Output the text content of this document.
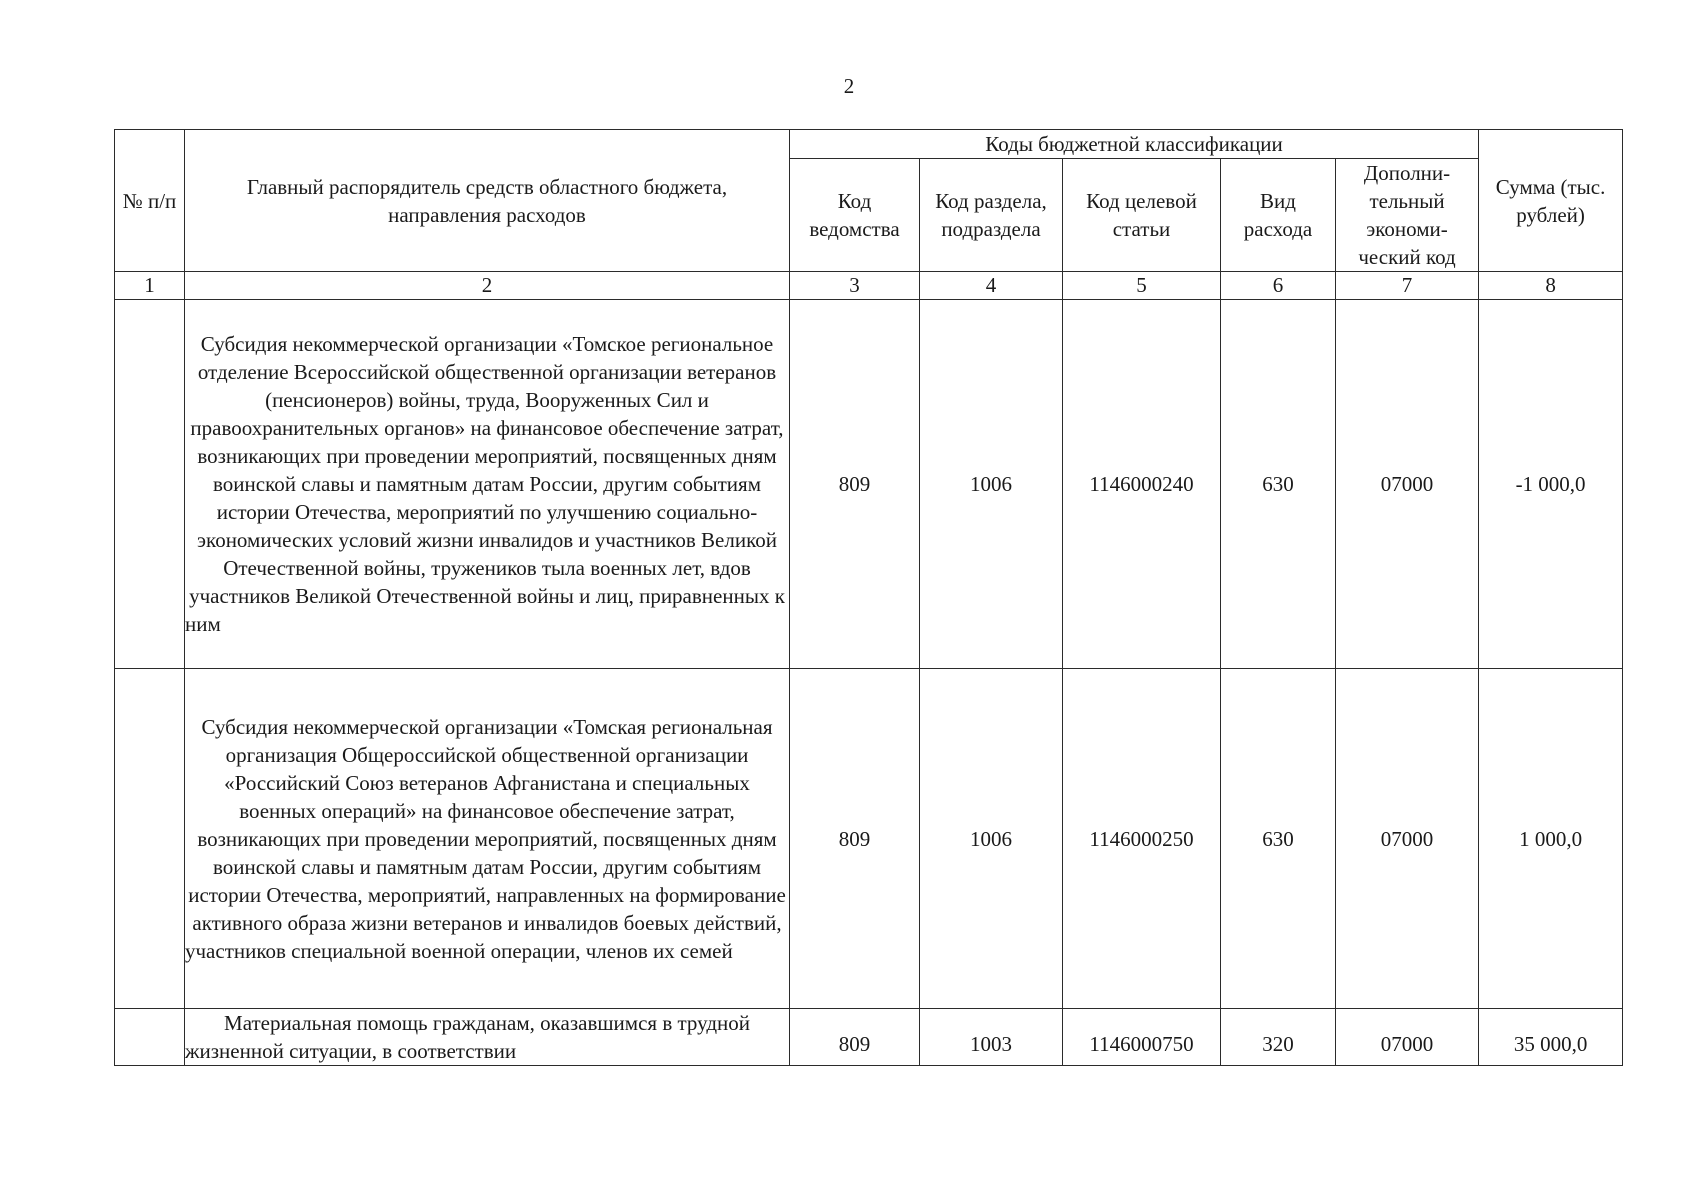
2
№ п/п	Главный распорядитель средств областного бюджета, направления расходов	Коды бюджетной классификации					Сумма (тыс. рублей)
		Код ведомства	Код раздела, подраздела	Код целевой статьи	Вид расхода	Дополни-тельный экономи-ческий код	
1	2	3	4	5	6	7	8
	Субсидия некоммерческой организации «Томское региональное отделение Всероссийской общественной организации ветеранов (пенсионеров) войны, труда, Вооруженных Сил и правоохранительных органов» на финансовое обеспечение затрат, возникающих при проведении мероприятий, посвященных дням воинской славы и памятным датам России, другим событиям истории Отечества, мероприятий по улучшению социально-экономических условий жизни инвалидов и участников Великой Отечественной войны, тружеников тыла военных лет, вдов участников Великой Отечественной войны и лиц, приравненных к ним	809	1006	1146000240	630	07000	-1 000,0
	Субсидия некоммерческой организации «Томская региональная организация Общероссийской общественной организации «Российский Союз ветеранов Афганистана и специальных военных операций» на финансовое обеспечение затрат, возникающих при проведении мероприятий, посвященных дням воинской славы и памятным датам России, другим событиям истории Отечества, мероприятий, направленных на формирование активного образа жизни ветеранов и инвалидов боевых действий, участников специальной военной операции, членов их семей	809	1006	1146000250	630	07000	1 000,0

	Материальная помощь гражданам, оказавшимся в трудной жизненной ситуации, в соответствии	809	1003	1146000750	320	07000	35 000,0
